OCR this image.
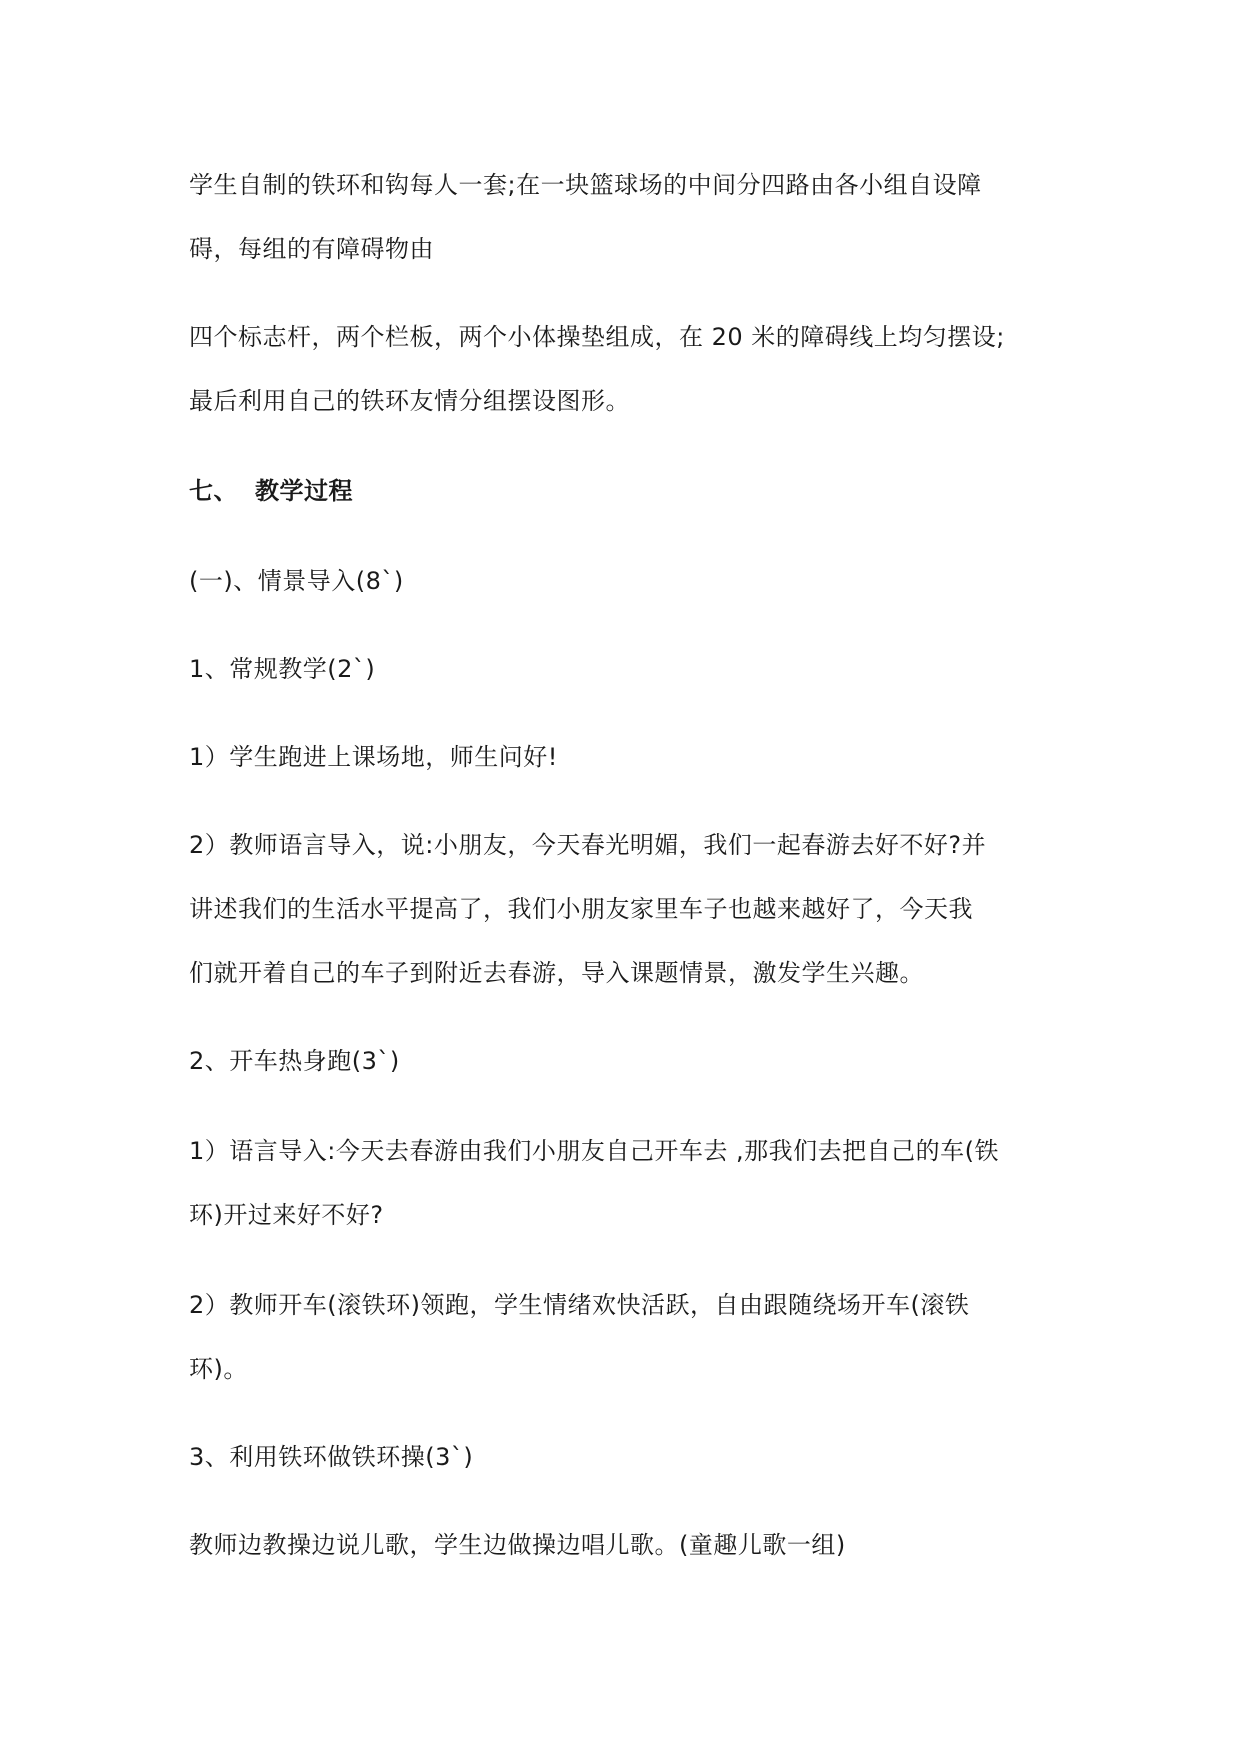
学生自制的铁环和钩每人一套;在一块篮球场的中间分四路由各小组自设障
碍，每组的有障碍物由
四个标志杆，两个栏板，两个小体操垫组成，在 20 米的障碍线上均匀摆设;
最后利用自己的铁环友情分组摆设图形。
七、 教学过程
(一)、情景导入(8`)
1、常规教学(2`)
1）学生跑进上课场地，师生问好!
2）教师语言导入，说:小朋友，今天春光明媚，我们一起春游去好不好?并
讲述我们的生活水平提高了，我们小朋友家里车子也越来越好了，今天我
们就开着自己的车子到附近去春游，导入课题情景，激发学生兴趣。
2、开车热身跑(3`)
1）语言导入:今天去春游由我们小朋友自己开车去 ,那我们去把自己的车(铁
环)开过来好不好?
2）教师开车(滚铁环)领跑，学生情绪欢快活跃，自由跟随绕场开车(滚铁
环)。
3、利用铁环做铁环操(3`)
教师边教操边说儿歌，学生边做操边唱儿歌。(童趣儿歌一组)
